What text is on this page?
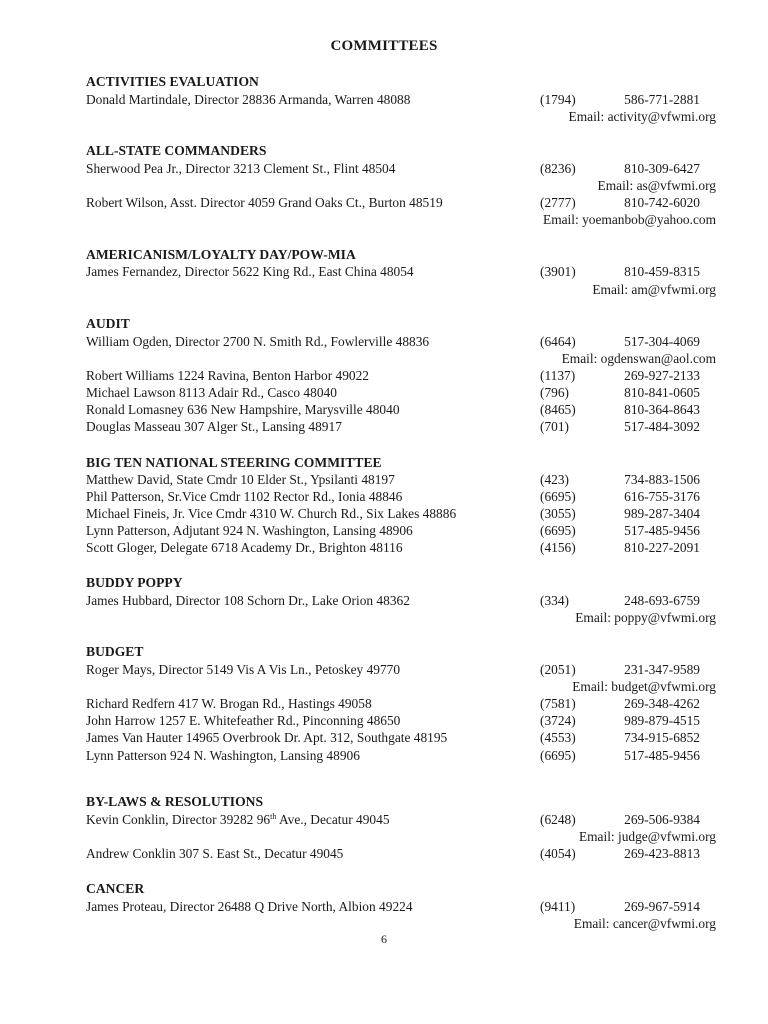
COMMITTEES
ACTIVITIES EVALUATION
Donald Martindale, Director 28836 Armanda, Warren 48088	(1794)	586-771-2881
Email: activity@vfwmi.org
ALL-STATE COMMANDERS
Sherwood Pea Jr., Director 3213 Clement St., Flint 48504	(8236)	810-309-6427
Email: as@vfwmi.org
Robert Wilson, Asst. Director 4059 Grand Oaks Ct., Burton 48519	(2777)	810-742-6020
Email: yoemanbob@yahoo.com
AMERICANISM/LOYALTY DAY/POW-MIA
James Fernandez, Director 5622 King Rd., East China 48054	(3901)	810-459-8315
Email: am@vfwmi.org
AUDIT
William Ogden, Director 2700 N. Smith Rd., Fowlerville 48836	(6464)	517-304-4069
Email: ogdenswan@aol.com
Robert Williams 1224 Ravina, Benton Harbor 49022	(1137)	269-927-2133
Michael Lawson 8113 Adair Rd., Casco 48040	(796)	810-841-0605
Ronald Lomasney 636 New Hampshire, Marysville 48040	(8465)	810-364-8643
Douglas Masseau 307 Alger St., Lansing 48917	(701)	517-484-3092
BIG TEN NATIONAL STEERING COMMITTEE
Matthew David, State Cmdr 10 Elder St., Ypsilanti 48197	(423)	734-883-1506
Phil Patterson, Sr.Vice Cmdr 1102 Rector Rd., Ionia 48846	(6695)	616-755-3176
Michael Fineis, Jr. Vice Cmdr 4310 W. Church Rd., Six Lakes 48886	(3055)	989-287-3404
Lynn Patterson, Adjutant 924 N. Washington, Lansing 48906	(6695)	517-485-9456
Scott Gloger, Delegate 6718 Academy Dr., Brighton 48116	(4156)	810-227-2091
BUDDY POPPY
James Hubbard, Director 108 Schorn Dr., Lake Orion 48362	(334)	248-693-6759
Email: poppy@vfwmi.org
BUDGET
Roger Mays, Director 5149 Vis A Vis Ln., Petoskey 49770	(2051)	231-347-9589
Email: budget@vfwmi.org
Richard Redfern 417 W. Brogan Rd., Hastings 49058	(7581)	269-348-4262
John Harrow 1257 E. Whitefeather Rd., Pinconning 48650	(3724)	989-879-4515
James Van Hauter 14965 Overbrook Dr. Apt. 312, Southgate 48195	(4553)	734-915-6852
Lynn Patterson 924 N. Washington, Lansing 48906	(6695)	517-485-9456
BY-LAWS & RESOLUTIONS
Kevin Conklin, Director 39282 96th Ave., Decatur 49045	(6248)	269-506-9384
Email: judge@vfwmi.org
Andrew Conklin 307 S. East St., Decatur 49045	(4054)	269-423-8813
CANCER
James Proteau, Director 26488 Q Drive North, Albion 49224	(9411)	269-967-5914
Email: cancer@vfwmi.org
6
